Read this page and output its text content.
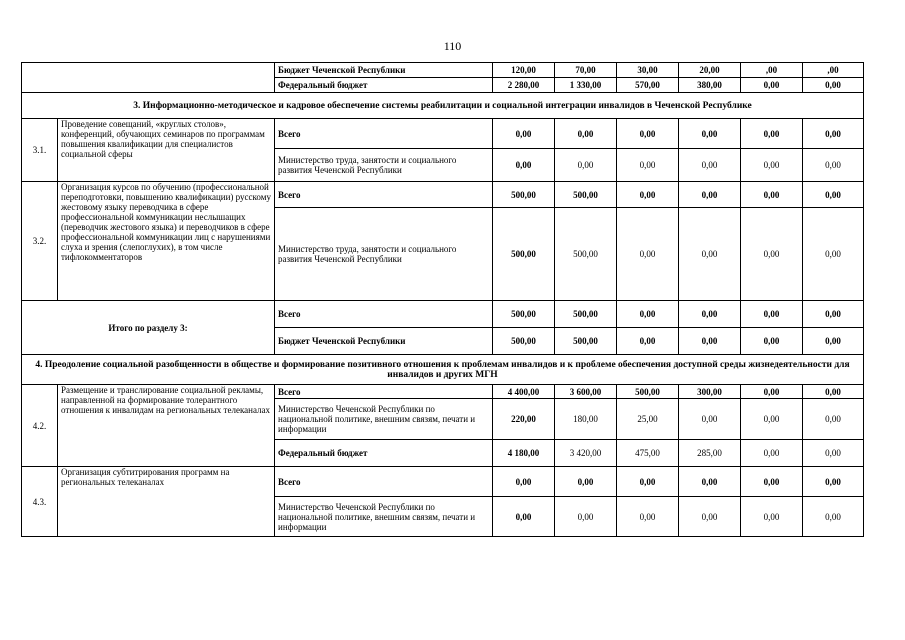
110
		Бюджет Чеченской Республики	120,00	70,00	30,00	20,00	,00	,00
		Федеральный бюджет	2 280,00	1 330,00	570,00	380,00	0,00	0,00
3. Информационно-методическое и кадровое обеспечение системы реабилитации и социальной интеграции инвалидов в Чеченской Республике								
3.1.	Проведение совещаний, «круглых столов», конференций, обучающих семинаров по программам повышения квалификации для специалистов социальной сферы	Всего	0,00	0,00	0,00	0,00	0,00	0,00
		Министерство труда, занятости и социального развития Чеченской Республики	0,00	0,00	0,00	0,00	0,00	0,00
3.2.	Организация курсов по обучению (профессиональной переподготовки, повышению квалификации) русскому жестовому языку переводчика в сфере профессиональной коммуникации неслышащих (переводчик жестового языка) и переводчиков в сфере профессиональной коммуникации лиц с нарушениями слуха и зрения (слепоглухих), в том числе тифлокомментаторов	Всего	500,00	500,00	0,00	0,00	0,00	0,00
		Министерство труда, занятости и социального развития Чеченской Республики	500,00	500,00	0,00	0,00	0,00	0,00
Итого по разделу 3:		Всего	500,00	500,00	0,00	0,00	0,00	0,00
		Бюджет Чеченской Республики	500,00	500,00	0,00	0,00	0,00	0,00
4. Преодоление социальной разобщенности в обществе и формирование позитивного отношения к проблемам инвалидов и к проблеме обеспечения доступной среды жизнедеятельности для инвалидов и других МГН								
4.2.	Размещение и транслирование социальной рекламы, направленной на формирование толерантного отношения к инвалидам на региональных телеканалах	Всего	4 400,00	3 600,00	500,00	300,00	0,00	0,00
		Министерство Чеченской Республики по национальной политике, внешним связям, печати и информации	220,00	180,00	25,00	0,00	0,00	0,00
		Федеральный бюджет	4 180,00	3 420,00	475,00	285,00	0,00	0,00
4.3.	Организация субтитрирования программ на региональных телеканалах	Всего	0,00	0,00	0,00	0,00	0,00	0,00
		Министерство Чеченской Республики по национальной политике, внешним связям, печати и информации	0,00	0,00	0,00	0,00	0,00	0,00
